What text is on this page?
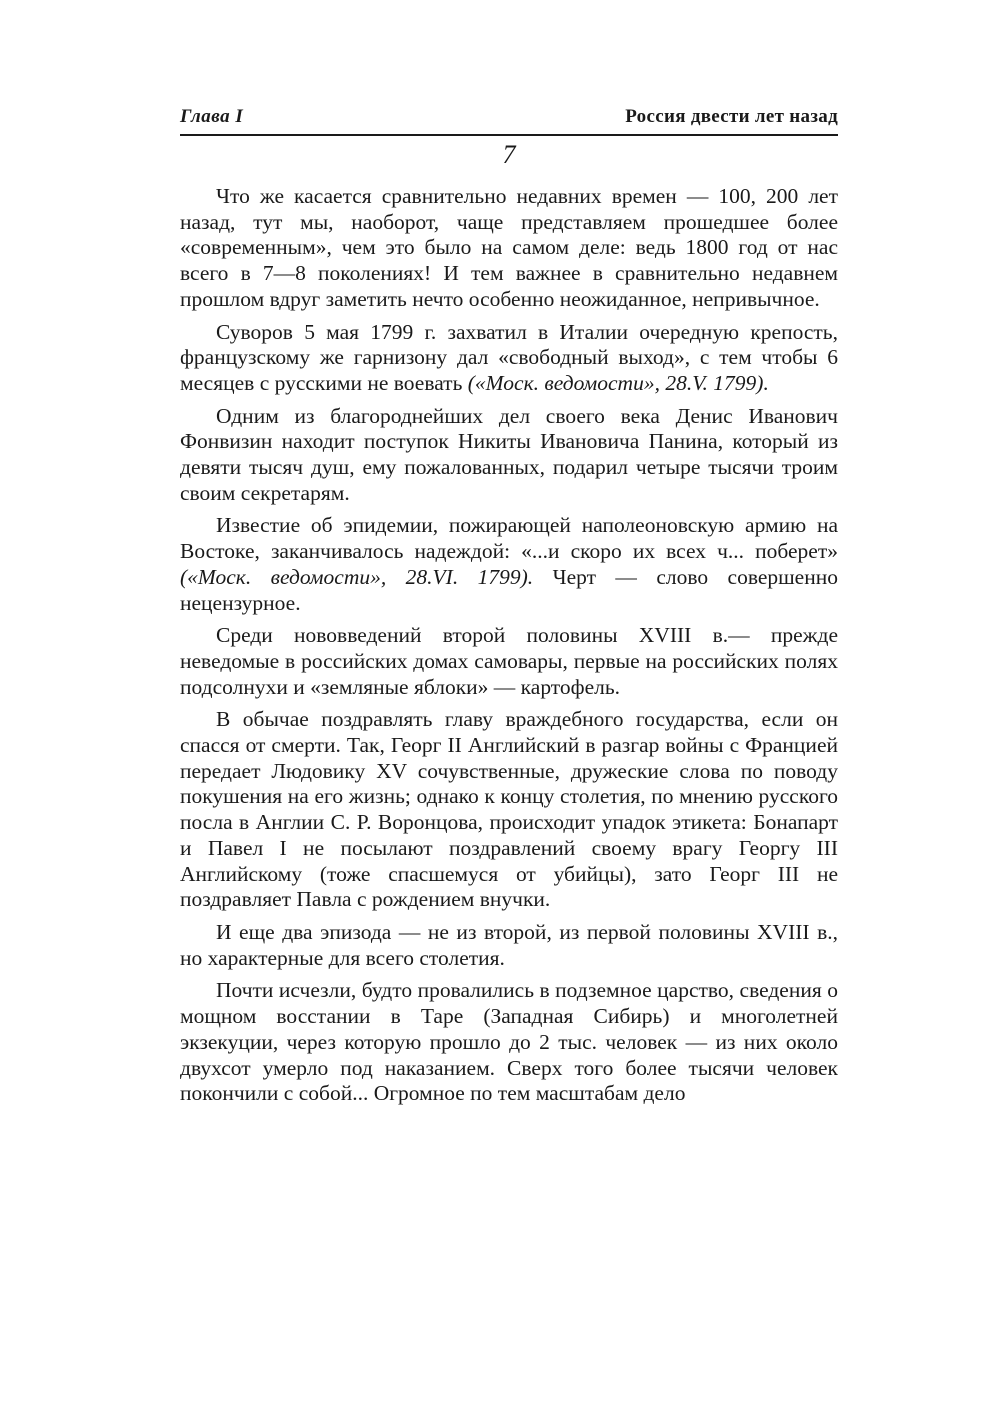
Глава I	Россия двести лет назад
7

Что же касается сравнительно недавних времен — 100, 200 лет назад, тут мы, наоборот, чаще представляем прошедшее более «современным», чем это было на самом деле: ведь 1800 год от нас всего в 7—8 поколениях! И тем важнее в сравнительно недавнем прошлом вдруг заметить нечто особенно неожиданное, непривычное.

Суворов 5 мая 1799 г. захватил в Италии очередную крепость, французскому же гарнизону дал «свободный выход», с тем чтобы 6 месяцев с русскими не воевать («Моск. ведомости», 28.V. 1799).

Одним из благороднейших дел своего века Денис Иванович Фонвизин находит поступок Никиты Ивановича Панина, который из девяти тысяч душ, ему пожалованных, подарил четыре тысячи троим своим секретарям.

Известие об эпидемии, пожирающей наполеоновскую армию на Востоке, заканчивалось надеждой: «...и скоро их всех ч... поберет» («Моск. ведомости», 28.VI. 1799). Черт — слово совершенно нецензурное.

Среди нововведений второй половины XVIII в.— прежде неведомые в российских домах самовары, первые на российских полях подсолнухи и «земляные яблоки» — картофель.

В обычае поздравлять главу враждебного государства, если он спасся от смерти. Так, Георг II Английский в разгар войны с Францией передает Людовику XV сочувственные, дружеские слова по поводу покушения на его жизнь; однако к концу столетия, по мнению русского посла в Англии С. Р. Воронцова, происходит упадок этикета: Бонапарт и Павел I не посылают поздравлений своему врагу Георгу III Английскому (тоже спасшемуся от убийцы), зато Георг III не поздравляет Павла с рождением внучки.

И еще два эпизода — не из второй, из первой половины XVIII в., но характерные для всего столетия.

Почти исчезли, будто провалились в подземное царство, сведения о мощном восстании в Таре (Западная Сибирь) и многолетней экзекуции, через которую прошло до 2 тыс. человек — из них около двухсот умерло под наказанием. Сверх того более тысячи человек покончили с собой... Огромное по тем масштабам дело
